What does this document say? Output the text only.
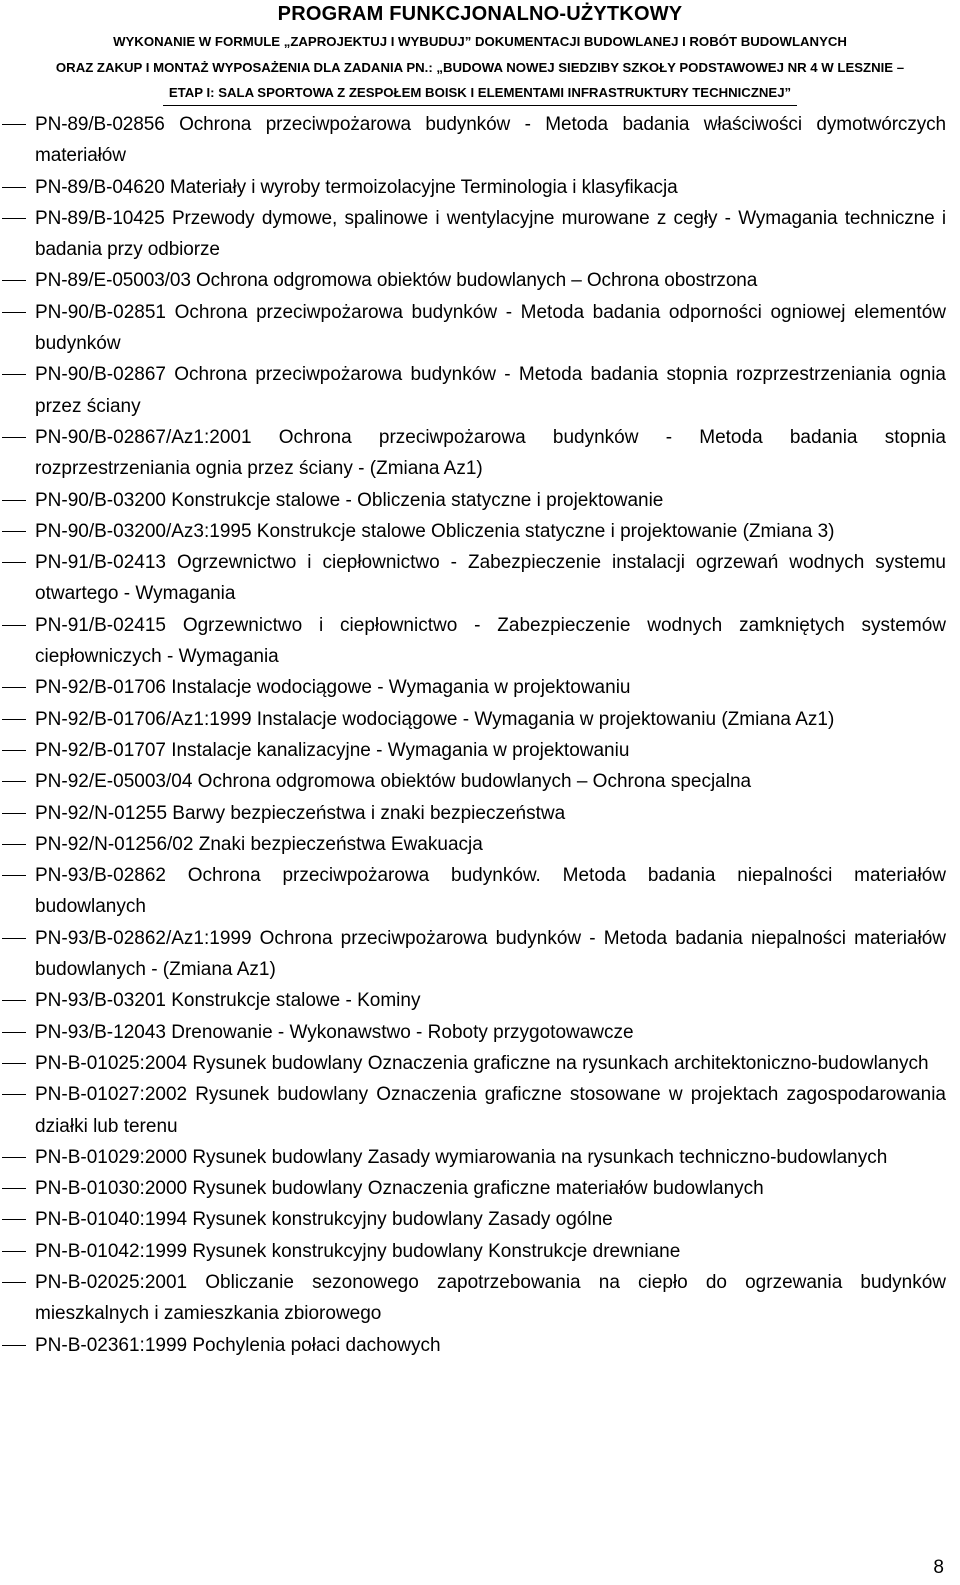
PROGRAM FUNKCJONALNO-UŻYTKOWY
WYKONANIE W FORMULE „ZAPROJEKTUJ I WYBUDUJ” DOKUMENTACJI BUDOWLANEJ I ROBÓT BUDOWLANYCH
ORAZ ZAKUP I MONTAŻ WYPOSAŻENIA DLA ZADANIA PN.: „BUDOWA NOWEJ SIEDZIBY SZKOŁY PODSTAWOWEJ NR 4 W LESZNIE –
ETAP I: SALA SPORTOWA Z ZESPOŁEM BOISK I ELEMENTAMI INFRASTRUKTURY TECHNICZNEJ”
PN-89/B-02856 Ochrona przeciwpożarowa budynków - Metoda badania właściwości dymotwórczych materiałów
PN-89/B-04620 Materiały i wyroby termoizolacyjne Terminologia i klasyfikacja
PN-89/B-10425 Przewody dymowe, spalinowe i wentylacyjne murowane z cegły - Wymagania techniczne i badania przy odbiorze
PN-89/E-05003/03 Ochrona odgromowa obiektów budowlanych – Ochrona obostrzona
PN-90/B-02851 Ochrona przeciwpożarowa budynków - Metoda badania odporności ogniowej elementów budynków
PN-90/B-02867 Ochrona przeciwpożarowa budynków - Metoda badania stopnia rozprzestrzeniania ognia przez ściany
PN-90/B-02867/Az1:2001 Ochrona przeciwpożarowa budynków - Metoda badania stopnia rozprzestrzeniania ognia przez ściany - (Zmiana Az1)
PN-90/B-03200 Konstrukcje stalowe - Obliczenia statyczne i projektowanie
PN-90/B-03200/Az3:1995 Konstrukcje stalowe Obliczenia statyczne i projektowanie (Zmiana 3)
PN-91/B-02413 Ogrzewnictwo i ciepłownictwo - Zabezpieczenie instalacji ogrzewań wodnych systemu otwartego - Wymagania
PN-91/B-02415 Ogrzewnictwo i ciepłownictwo - Zabezpieczenie wodnych zamkniętych systemów ciepłowniczych - Wymagania
PN-92/B-01706 Instalacje wodociągowe - Wymagania w projektowaniu
PN-92/B-01706/Az1:1999 Instalacje wodociągowe - Wymagania w projektowaniu (Zmiana Az1)
PN-92/B-01707 Instalacje kanalizacyjne - Wymagania w projektowaniu
PN-92/E-05003/04 Ochrona odgromowa obiektów budowlanych – Ochrona specjalna
PN-92/N-01255 Barwy bezpieczeństwa i znaki bezpieczeństwa
PN-92/N-01256/02 Znaki bezpieczeństwa Ewakuacja
PN-93/B-02862 Ochrona przeciwpożarowa budynków. Metoda badania niepalności materiałów budowlanych
PN-93/B-02862/Az1:1999 Ochrona przeciwpożarowa budynków - Metoda badania niepalności materiałów budowlanych - (Zmiana Az1)
PN-93/B-03201 Konstrukcje stalowe - Kominy
PN-93/B-12043 Drenowanie - Wykonawstwo - Roboty przygotowawcze
PN-B-01025:2004 Rysunek budowlany Oznaczenia graficzne na rysunkach architektoniczno-budowlanych
PN-B-01027:2002 Rysunek budowlany Oznaczenia graficzne stosowane w projektach zagospodarowania działki lub terenu
PN-B-01029:2000 Rysunek budowlany Zasady wymiarowania na rysunkach techniczno-budowlanych
PN-B-01030:2000 Rysunek budowlany Oznaczenia graficzne materiałów budowlanych
PN-B-01040:1994 Rysunek konstrukcyjny budowlany Zasady ogólne
PN-B-01042:1999 Rysunek konstrukcyjny budowlany Konstrukcje drewniane
PN-B-02025:2001 Obliczanie sezonowego zapotrzebowania na ciepło do ogrzewania budynków mieszkalnych i zamieszkania zbiorowego
PN-B-02361:1999 Pochylenia połaci dachowych
8
